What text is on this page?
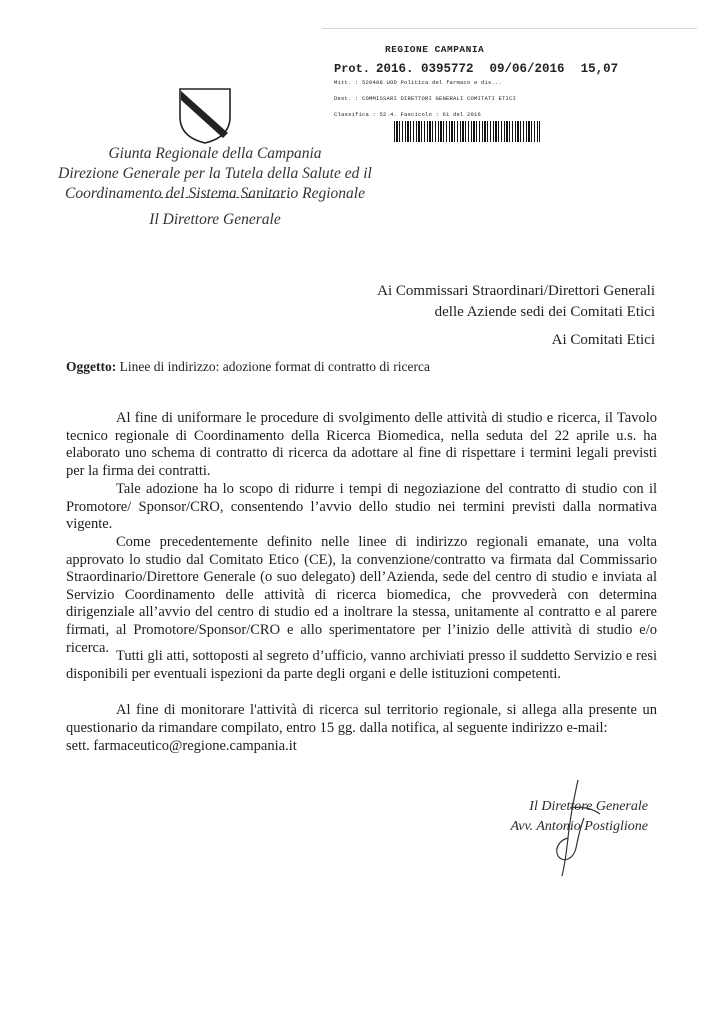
REGIONE CAMPANIA
Prot. 2016. 0395772 09/06/2016 15,07
Mitt. : 520408 UOD Politica del farmaco e dis...
Dest. : COMMISSARI DIRETTORI GENERALI COMITATI ETICI
Classifica : 52.4. Fascicolo : 61 del 2016
Giunta Regionale della Campania
Direzione Generale per la Tutela della Salute ed il
Coordinamento del Sistema Sanitario Regionale
Il Direttore Generale
Ai Commissari Straordinari/Direttori Generali
delle Aziende sedi dei Comitati Etici
Ai Comitati Etici
Oggetto: Linee di indirizzo: adozione format di contratto di ricerca

Al fine di uniformare le procedure di svolgimento delle attività di studio e ricerca, il Tavolo tecnico regionale di Coordinamento della Ricerca Biomedica, nella seduta del 22 aprile u.s. ha elaborato uno schema di contratto di ricerca da adottare al fine di rispettare i termini legali previsti per la firma dei contratti.

Tale adozione ha lo scopo di ridurre i tempi di negoziazione del contratto di studio con il Promotore/ Sponsor/CRO, consentendo l’avvio dello studio nei termini previsti dalla normativa vigente.

Come precedentemente definito nelle linee di indirizzo regionali emanate, una volta approvato lo studio dal Comitato Etico (CE), la convenzione/contratto va firmata dal Commissario Straordinario/Direttore Generale (o suo delegato) dell’Azienda, sede del centro di studio e inviata al Servizio Coordinamento delle attività di ricerca biomedica, che provvederà con determina dirigenziale all’avvio del centro di studio ed a inoltrare la stessa, unitamente al contratto e al parere firmati, al Promotore/Sponsor/CRO e allo sperimentatore per l’inizio delle attività di studio e/o ricerca.

Tutti gli atti, sottoposti al segreto d’ufficio, vanno archiviati presso il suddetto Servizio e resi disponibili per eventuali ispezioni da parte degli organi e delle istituzioni competenti.

Al fine di monitorare l'attività di ricerca sul territorio regionale, si allega alla presente un questionario da rimandare compilato, entro 15 gg. dalla notifica, al seguente indirizzo e-mail:

sett. farmaceutico@regione.campania.it

Il Direttore Generale
Avv. Antonio Postiglione
